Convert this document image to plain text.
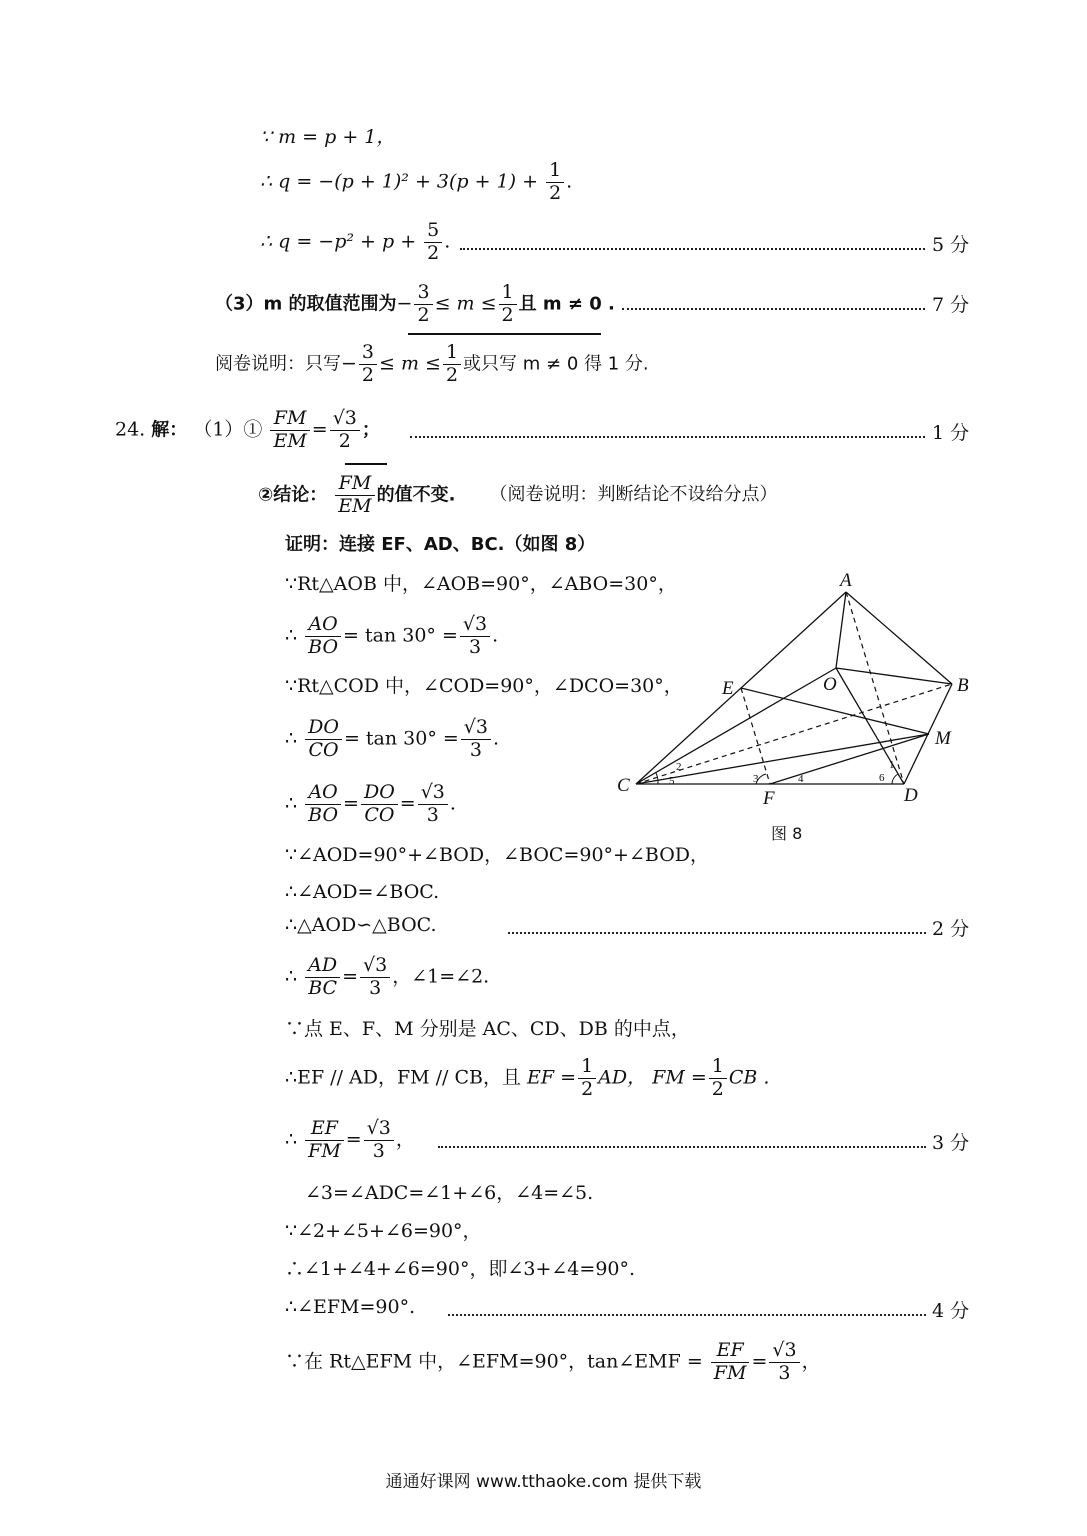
∵ m = p + 1，
∴ $q = -(p + 1)^2 + 3(p + 1) + \frac{1}{2}$ .
∴ $q = -p^2 + p + \frac{5}{2}$ .	5 分
（3）m 的取值范围为− $\frac{3}{2} \le m \le \frac{1}{2}$ 且 m ≠ 0 .	7 分
阅卷说明：只写− $\frac{3}{2} \le m \le \frac{1}{2}$ 或只写 m ≠ 0 得 1 分.
24. 解： （1）① $\frac{FM}{EM} = \frac{√3}{2}$ ；	1 分
②结论： $\frac{FM}{EM}$ 的值不变. （阅卷说明：判断结论不设给分点）
证明：连接 EF、AD、BC.（如图 8）
∵Rt△AOB 中，∠AOB=90°，∠ABO=30°，
∴ $\frac{AO}{BO} = \tan 30^\circ = \frac{√3}{3}$ .
∵Rt△COD 中，∠COD=90°，∠DCO=30°，
∴ $\frac{DO}{CO} = \tan 30^\circ = \frac{√3}{3}$ .
∴ $\frac{AO}{BO} = \frac{DO}{CO} = \frac{√3}{3}$ .
∵∠AOD=90°+∠BOD，∠BOC=90°+∠BOD，
∴∠AOD=∠BOC.
∴△AOD∽△BOC.	2 分
∴ $\frac{AD}{BC} = \frac{√3}{3}$ ，∠1=∠2.
∵点 E、F、M 分别是 AC、CD、DB 的中点，
∴EF // AD，FM // CB，且 EF = $\frac{1}{2}$ AD， FM = $\frac{1}{2}$ CB .
∴ $\frac{EF}{FM} = \frac{√3}{3}$ ，	3 分
∠3=∠ADC=∠1+∠6，∠4=∠5.
∵∠2+∠5+∠6=90°，
∴∠1+∠4+∠6=90°，即∠3+∠4=90°.
∴∠EFM=90°.	4 分
∵在 Rt△EFM 中，∠EFM=90°，tan∠EMF = $\frac{EF}{FM} = \frac{√3}{3}$ ，
A
B
C	D
E
F
M
O
2
5	3	4	6
1
图 8
通通好课网 www.tthaoke.com 提供下载
